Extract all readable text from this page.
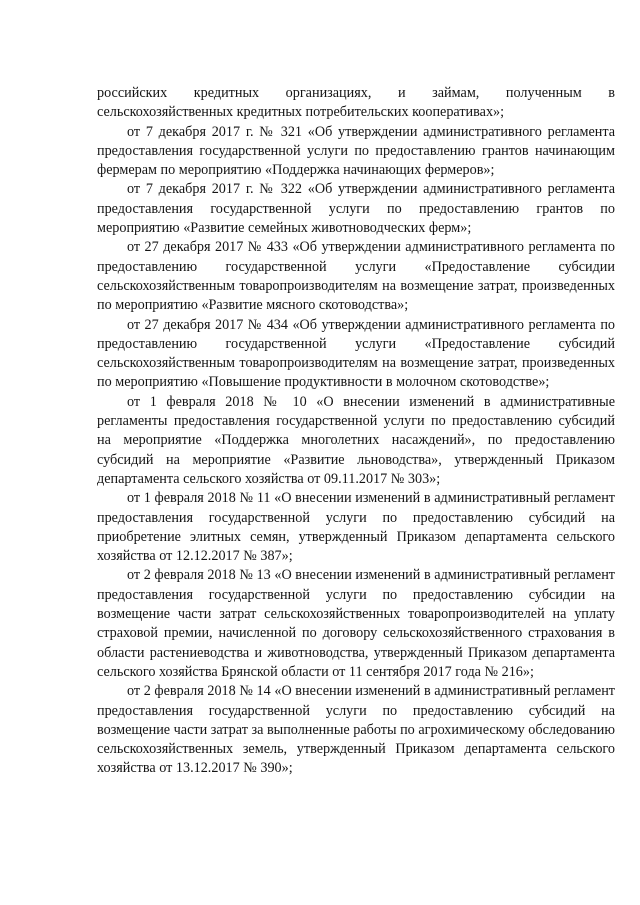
российских кредитных организациях, и займам, полученным в сельскохозяйственных кредитных потребительских кооперативах»;

от 7 декабря 2017 г. № 321 «Об утверждении административного регламента предоставления государственной услуги по предоставлению грантов начинающим фермерам по мероприятию «Поддержка начинающих фермеров»;

от 7 декабря 2017 г. № 322 «Об утверждении административного регламента предоставления государственной услуги по предоставлению грантов по мероприятию «Развитие семейных животноводческих ферм»;

от 27 декабря 2017 № 433 «Об утверждении административного регламента по предоставлению государственной услуги «Предоставление субсидии сельскохозяйственным товаропроизводителям на возмещение затрат, произведенных по мероприятию «Развитие мясного скотоводства»;

от 27 декабря 2017 № 434 «Об утверждении административного регламента по предоставлению государственной услуги «Предоставление субсидий сельскохозяйственным товаропроизводителям на возмещение затрат, произведенных по мероприятию «Повышение продуктивности в молочном скотоводстве»;

от 1 февраля 2018 № 10 «О внесении изменений в административные регламенты предоставления государственной услуги по предоставлению субсидий на мероприятие «Поддержка многолетних насаждений», по предоставлению субсидий на мероприятие «Развитие льноводства», утвержденный Приказом департамента сельского хозяйства от 09.11.2017 № 303»;

от 1 февраля 2018 № 11 «О внесении изменений в административный регламент предоставления государственной услуги по предоставлению субсидий на приобретение элитных семян, утвержденный Приказом департамента сельского хозяйства от 12.12.2017 № 387»;

от 2 февраля 2018 № 13 «О внесении изменений в административный регламент предоставления государственной услуги по предоставлению субсидии на возмещение части затрат сельскохозяйственных товаропроизводителей на уплату страховой премии, начисленной по договору сельскохозяйственного страхования в области растениеводства и животноводства, утвержденный Приказом департамента сельского хозяйства Брянской области от 11 сентября 2017 года № 216»;

от 2 февраля 2018 № 14 «О внесении изменений в административный регламент предоставления государственной услуги по предоставлению субсидий на возмещение части затрат за выполненные работы по агрохимическому обследованию сельскохозяйственных земель, утвержденный Приказом департамента сельского хозяйства от 13.12.2017 № 390»;
